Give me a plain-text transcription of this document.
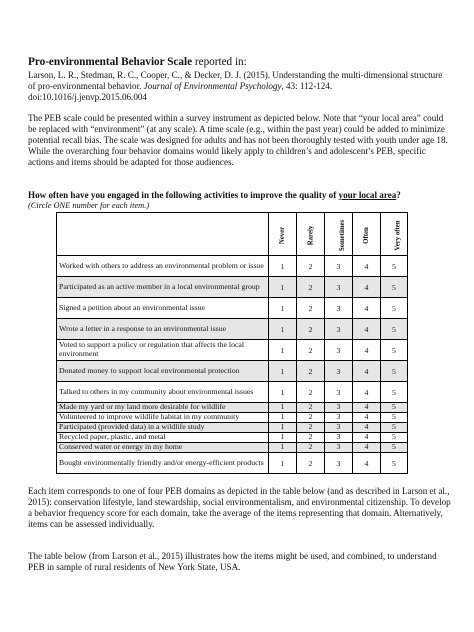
Pro-environmental Behavior Scale reported in:
Larson, L. R., Stedman, R. C., Cooper, C., & Decker, D. J. (2015). Understanding the multi-dimensional structure of pro-environmental behavior. Journal of Environmental Psychology, 43: 112-124. doi:10.1016/j.jenvp.2015.06.004
The PEB scale could be presented within a survey instrument as depicted below. Note that “your local area” could be replaced with “environment” (at any scale). A time scale (e.g., within the past year) could be added to minimize potential recall bias. The scale was designed for adults and has not been thoroughly tested with youth under age 18. While the overarching four behavior domains would likely apply to children’s and adolescent’s PEB, specific actions and items should be adapted for those audiences.
How often have you engaged in the following activities to improve the quality of your local area?
(Circle ONE number for each item.)
	Never	Rarely	Sometimes	Often	Very often
Worked with others to address an environmental problem or issue	1	2	3	4	5
Participated as an active member in a local environmental group	1	2	3	4	5
Signed a petition about an environmental issue	1	2	3	4	5
Wrote a letter in a response to an environmental issue	1	2	3	4	5
Voted to support a policy or regulation that affects the local environment	1	2	3	4	5
Donated money to support local environmental protection	1	2	3	4	5
Talked to others in my community about environmental issues	1	2	3	4	5
Made my yard or my land more desirable for wildlife	1	2	3	4	5
Volunteered to improve wildlife habitat in my community	1	2	3	4	5
Participated (provided data) in a wildlife study	1	2	3	4	5
Recycled paper, plastic, and metal	1	2	3	4	5
Conserved water or energy in my home	1	2	3	4	5
Bought environmentally friendly and/or energy-efficient products	1	2	3	4	5
Each item corresponds to one of four PEB domains as depicted in the table below (and as described in Larson et al., 2015): conservation lifestyle, land stewardship, social environmentalism, and environmental citizenship. To develop a behavior frequency score for each domain, take the average of the items representing that domain. Alternatively, items can be assessed individually.
The table below (from Larson et al., 2015) illustrates how the items might be used, and combined, to understand PEB in sample of rural residents of New York State, USA.
